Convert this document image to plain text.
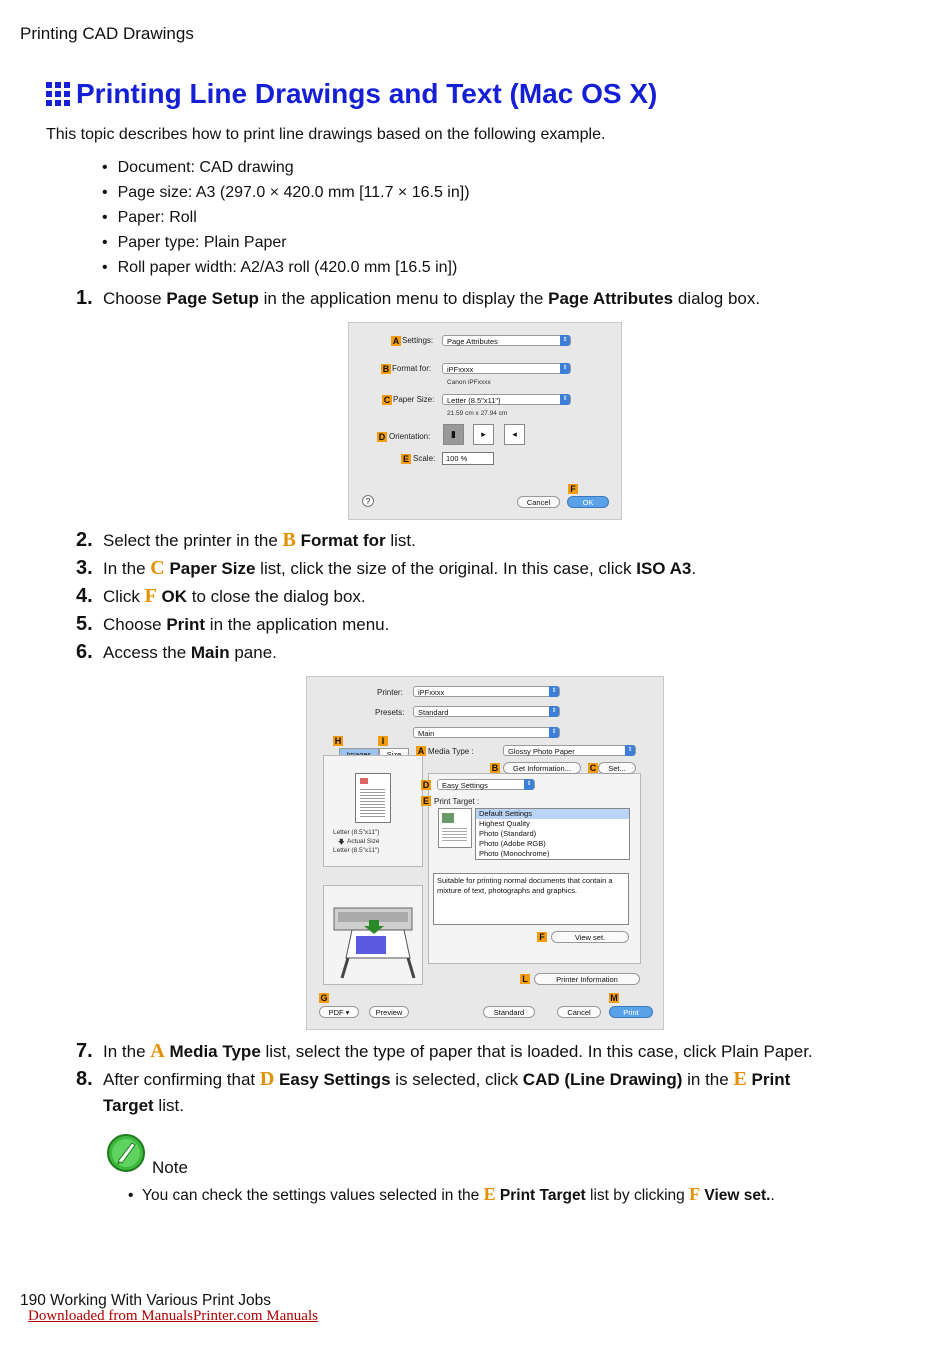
Printing CAD Drawings
Printing Line Drawings and Text (Mac OS X)
This topic describes how to print line drawings based on the following example.
• Document: CAD drawing
• Page size: A3 (297.0 × 420.0 mm [11.7 × 16.5 in])
• Paper: Roll
• Paper type: Plain Paper
• Roll paper width: A2/A3 roll (420.0 mm [16.5 in])
1. Choose Page Setup in the application menu to display the Page Attributes dialog box.
A Settings:	Page Attributes	⇕
B Format for:	iPFxxxx	⇕
Canon iPFxxxx
C Paper Size:	Letter (8.5"x11")	⇕
21.59 cm x 27.94 cm
D Orientation:	▮	▸	◂
E Scale:	100 %
?
F
Cancel	OK
2. Select the printer in the B Format for list.
3. In the C Paper Size list, click the size of the original. In this case, click ISO A3.
4. Click F OK to close the dialog box.
5. Choose Print in the application menu.
6. Access the Main pane.
Printer:	iPFxxxx	⇕
Presets:	Standard	⇕
Main	⇕
H	I
Letter (8.5"x11")
🡇 Actual Size
Letter (8.5"x11")
A Media Type :	Glossy Photo Paper	⇕
B	Get Information...	C	Set...
D	Easy Settings	⇕
E Print Target :
Default Settings
Highest Quality
Photo (Standard)
Photo (Adobe RGB)
Photo (Monochrome)
Suitable for printing normal documents that contain a mixture of text, photographs and graphics.
F	View set.
L	Printer Information
G
PDF ▾	Preview	Standard	Cancel
M
Print
7. In the A Media Type list, select the type of paper that is loaded. In this case, click Plain Paper.
8. After confirming that D Easy Settings is selected, click CAD (Line Drawing) in the E Print
Target list.
Note
•  You can check the settings values selected in the E Print Target list by clicking F View set..
190 Working With Various Print Jobs
Downloaded from ManualsPrinter.com Manuals
